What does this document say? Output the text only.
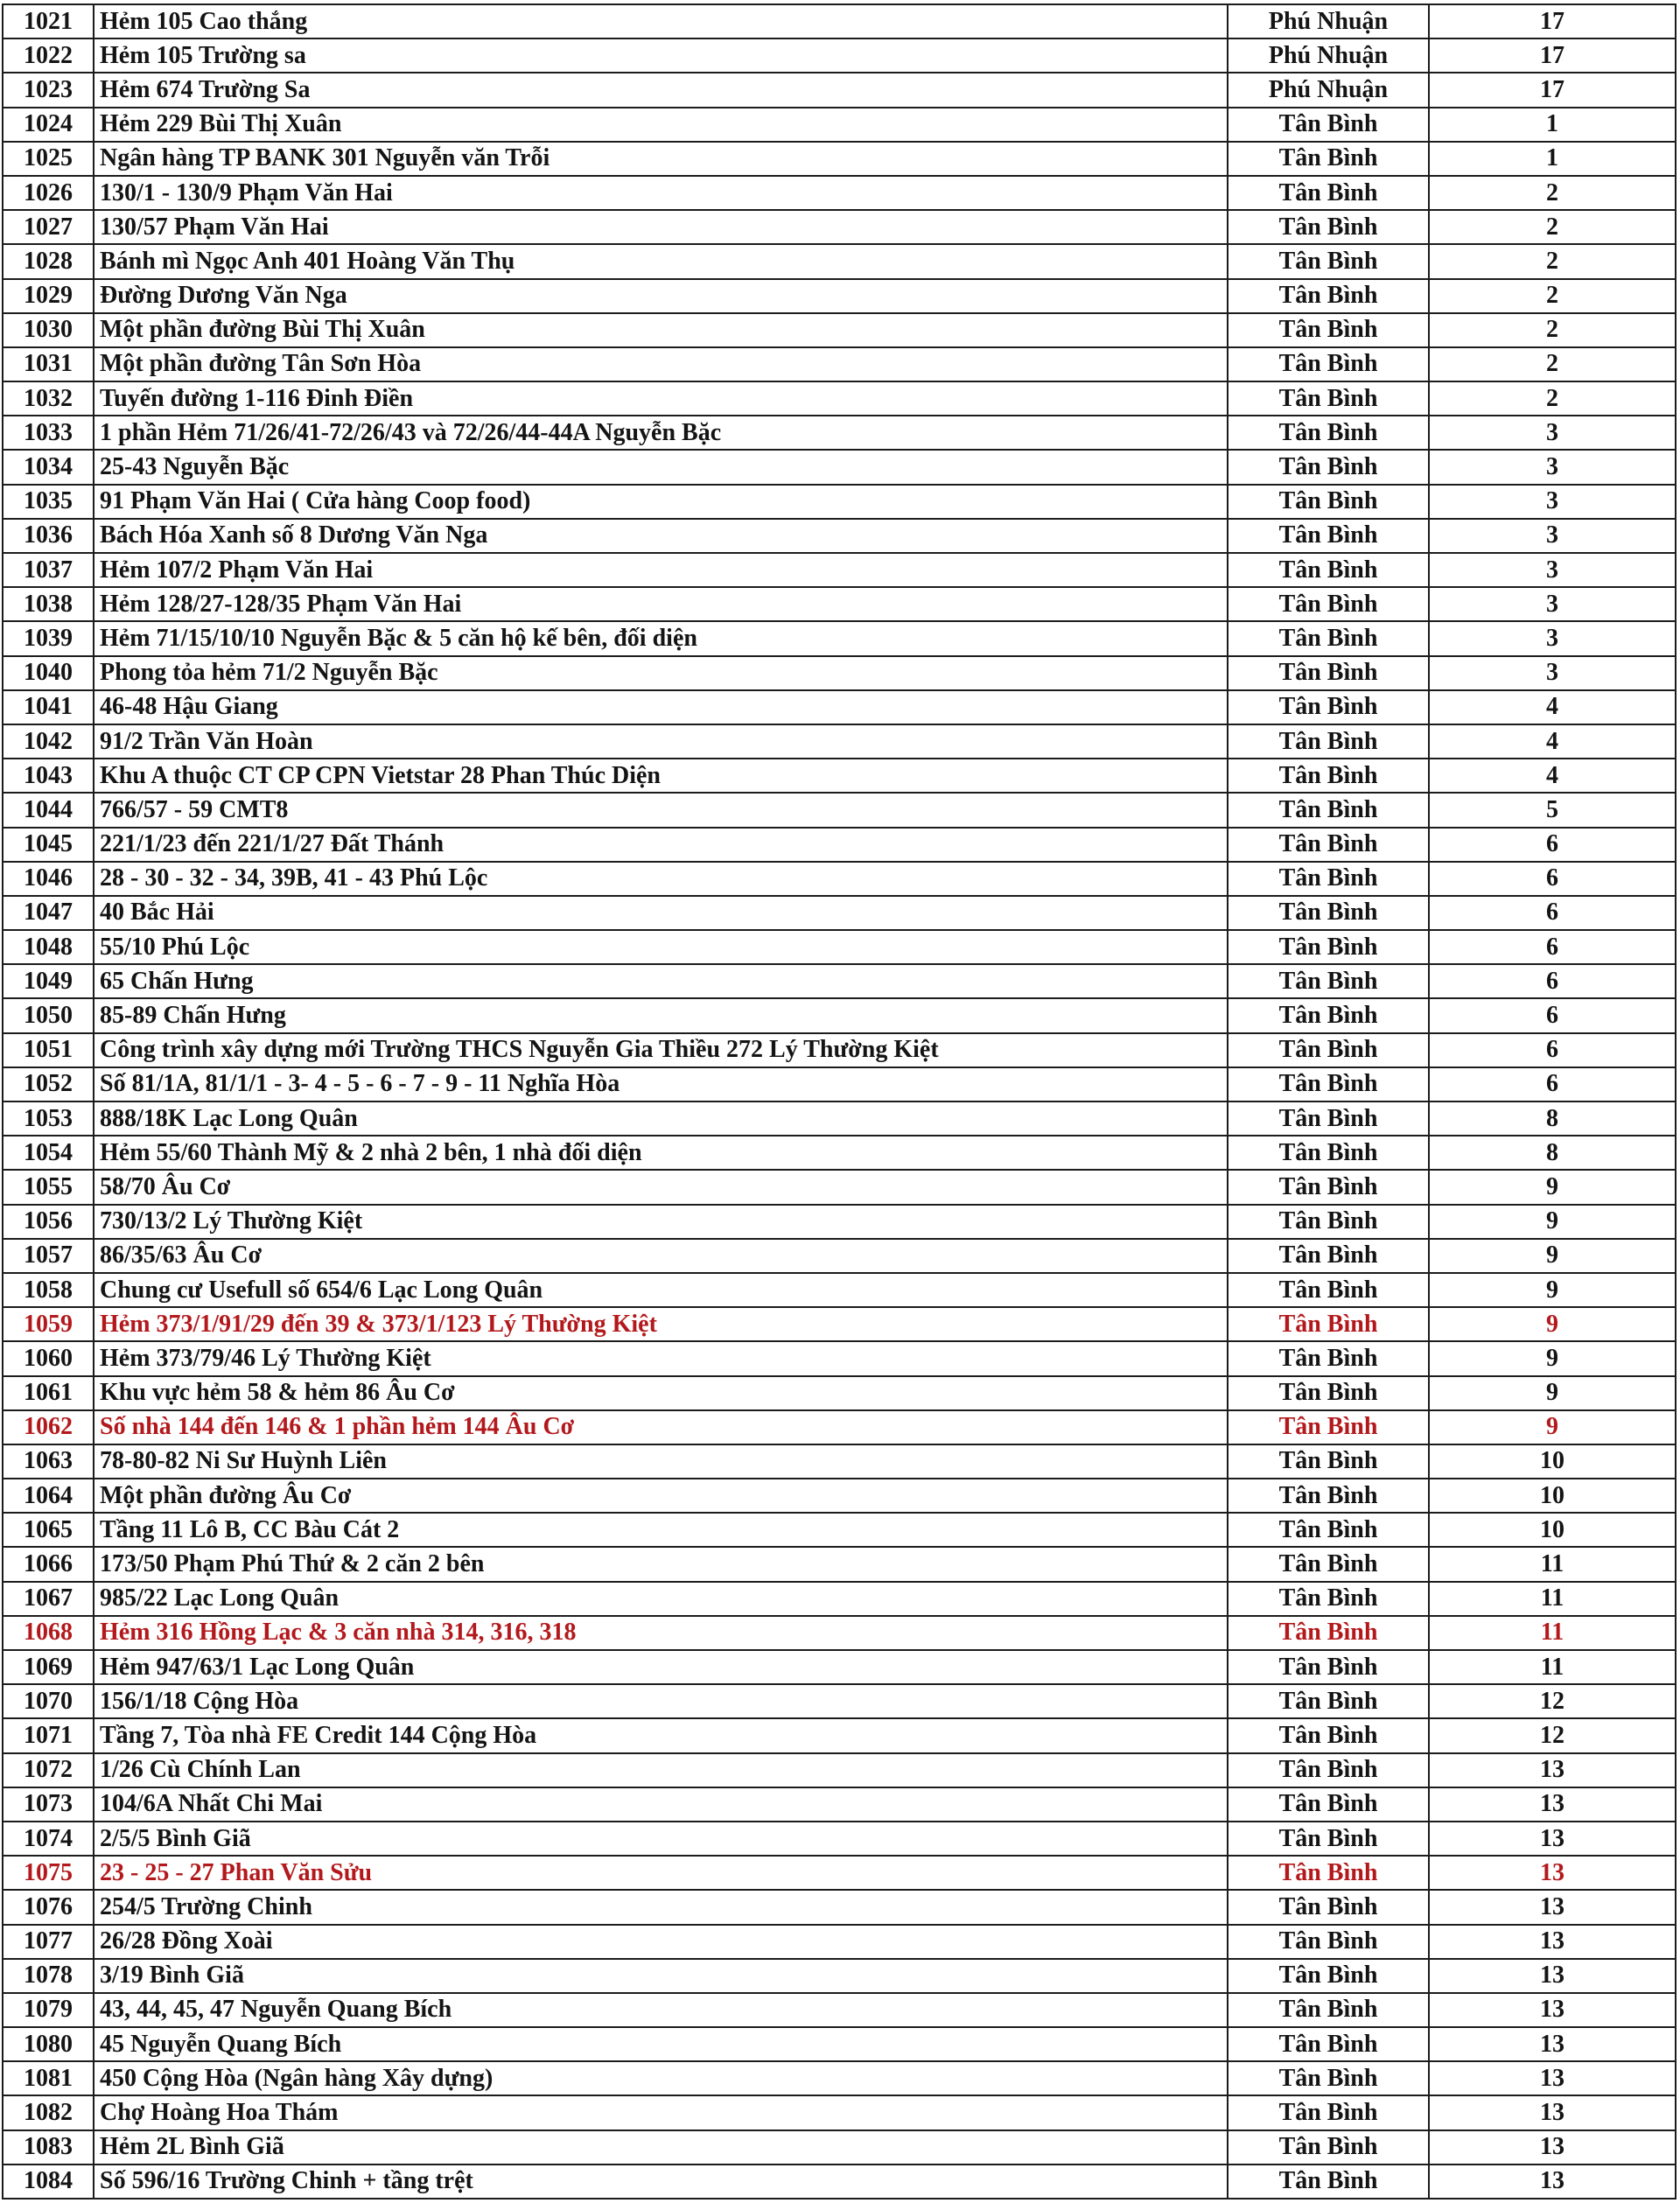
1021	Hẻm 105 Cao thắng	Phú Nhuận	17
1022	Hẻm 105 Trường sa	Phú Nhuận	17
1023	Hẻm 674 Trường Sa	Phú Nhuận	17
1024	Hẻm 229 Bùi Thị Xuân	Tân Bình	1
1025	Ngân hàng TP BANK 301 Nguyễn văn Trỗi	Tân Bình	1
1026	130/1 - 130/9 Phạm Văn Hai	Tân Bình	2
1027	130/57 Phạm Văn Hai	Tân Bình	2
1028	Bánh mì Ngọc Anh 401 Hoàng Văn Thụ	Tân Bình	2
1029	Đường Dương Văn Nga	Tân Bình	2
1030	Một phần đường Bùi Thị Xuân	Tân Bình	2
1031	Một phần đường Tân Sơn Hòa	Tân Bình	2
1032	Tuyến đường 1-116 Đinh Điền	Tân Bình	2
1033	1 phần Hẻm 71/26/41-72/26/43 và 72/26/44-44A Nguyễn Bặc	Tân Bình	3
1034	25-43 Nguyễn Bặc	Tân Bình	3
1035	91 Phạm Văn Hai ( Cửa hàng Coop food)	Tân Bình	3
1036	Bách Hóa Xanh số 8 Dương Văn Nga	Tân Bình	3
1037	Hẻm 107/2 Phạm Văn Hai	Tân Bình	3
1038	Hẻm 128/27-128/35 Phạm Văn Hai	Tân Bình	3
1039	Hẻm 71/15/10/10 Nguyễn Bặc & 5 căn hộ kế bên, đối diện	Tân Bình	3
1040	Phong tỏa hẻm 71/2 Nguyễn Bặc	Tân Bình	3
1041	46-48 Hậu Giang	Tân Bình	4
1042	91/2 Trần Văn Hoàn	Tân Bình	4
1043	Khu A thuộc CT CP CPN Vietstar 28 Phan Thúc Diện	Tân Bình	4
1044	766/57 - 59 CMT8	Tân Bình	5
1045	221/1/23 đến 221/1/27 Đất Thánh	Tân Bình	6
1046	28 - 30 - 32 - 34, 39B, 41 - 43 Phú Lộc	Tân Bình	6
1047	40 Bắc Hải	Tân Bình	6
1048	55/10 Phú Lộc	Tân Bình	6
1049	65 Chấn Hưng	Tân Bình	6
1050	85-89 Chấn Hưng	Tân Bình	6
1051	Công trình xây dựng mới Trường THCS Nguyễn Gia Thiều 272 Lý Thường Kiệt	Tân Bình	6
1052	Số 81/1A, 81/1/1 - 3- 4 - 5 - 6 - 7 - 9 - 11 Nghĩa Hòa	Tân Bình	6
1053	888/18K Lạc Long Quân	Tân Bình	8
1054	Hẻm 55/60 Thành Mỹ & 2 nhà 2 bên, 1 nhà đối diện	Tân Bình	8
1055	58/70 Âu Cơ	Tân Bình	9
1056	730/13/2 Lý Thường Kiệt	Tân Bình	9
1057	86/35/63 Âu Cơ	Tân Bình	9
1058	Chung cư Usefull số 654/6 Lạc Long Quân	Tân Bình	9
1059	Hẻm 373/1/91/29 đến 39 & 373/1/123 Lý Thường Kiệt	Tân Bình	9
1060	Hẻm 373/79/46 Lý Thường Kiệt	Tân Bình	9
1061	Khu vực hẻm 58 & hẻm 86 Âu Cơ	Tân Bình	9
1062	Số nhà 144 đến 146 & 1 phần hẻm 144 Âu Cơ	Tân Bình	9
1063	78-80-82 Ni Sư Huỳnh Liên	Tân Bình	10
1064	Một phần đường Âu Cơ	Tân Bình	10
1065	Tầng 11 Lô B, CC Bàu Cát 2	Tân Bình	10
1066	173/50 Phạm Phú Thứ & 2 căn 2 bên	Tân Bình	11
1067	985/22 Lạc Long Quân	Tân Bình	11
1068	Hẻm 316 Hồng Lạc & 3 căn nhà 314, 316, 318	Tân Bình	11
1069	Hẻm 947/63/1 Lạc Long Quân	Tân Bình	11
1070	156/1/18 Cộng Hòa	Tân Bình	12
1071	Tầng 7, Tòa nhà FE Credit 144 Cộng Hòa	Tân Bình	12
1072	1/26 Cù Chính Lan	Tân Bình	13
1073	104/6A Nhất Chi Mai	Tân Bình	13
1074	2/5/5 Bình Giã	Tân Bình	13
1075	23 - 25 - 27 Phan Văn Sửu	Tân Bình	13
1076	254/5 Trường Chinh	Tân Bình	13
1077	26/28 Đồng Xoài	Tân Bình	13
1078	3/19 Bình Giã	Tân Bình	13
1079	43, 44, 45, 47 Nguyễn Quang Bích	Tân Bình	13
1080	45 Nguyễn Quang Bích	Tân Bình	13
1081	450 Cộng Hòa (Ngân hàng Xây dựng)	Tân Bình	13
1082	Chợ Hoàng Hoa Thám	Tân Bình	13
1083	Hẻm 2L Bình Giã	Tân Bình	13
1084	Số 596/16 Trường Chinh + tầng trệt	Tân Bình	13
